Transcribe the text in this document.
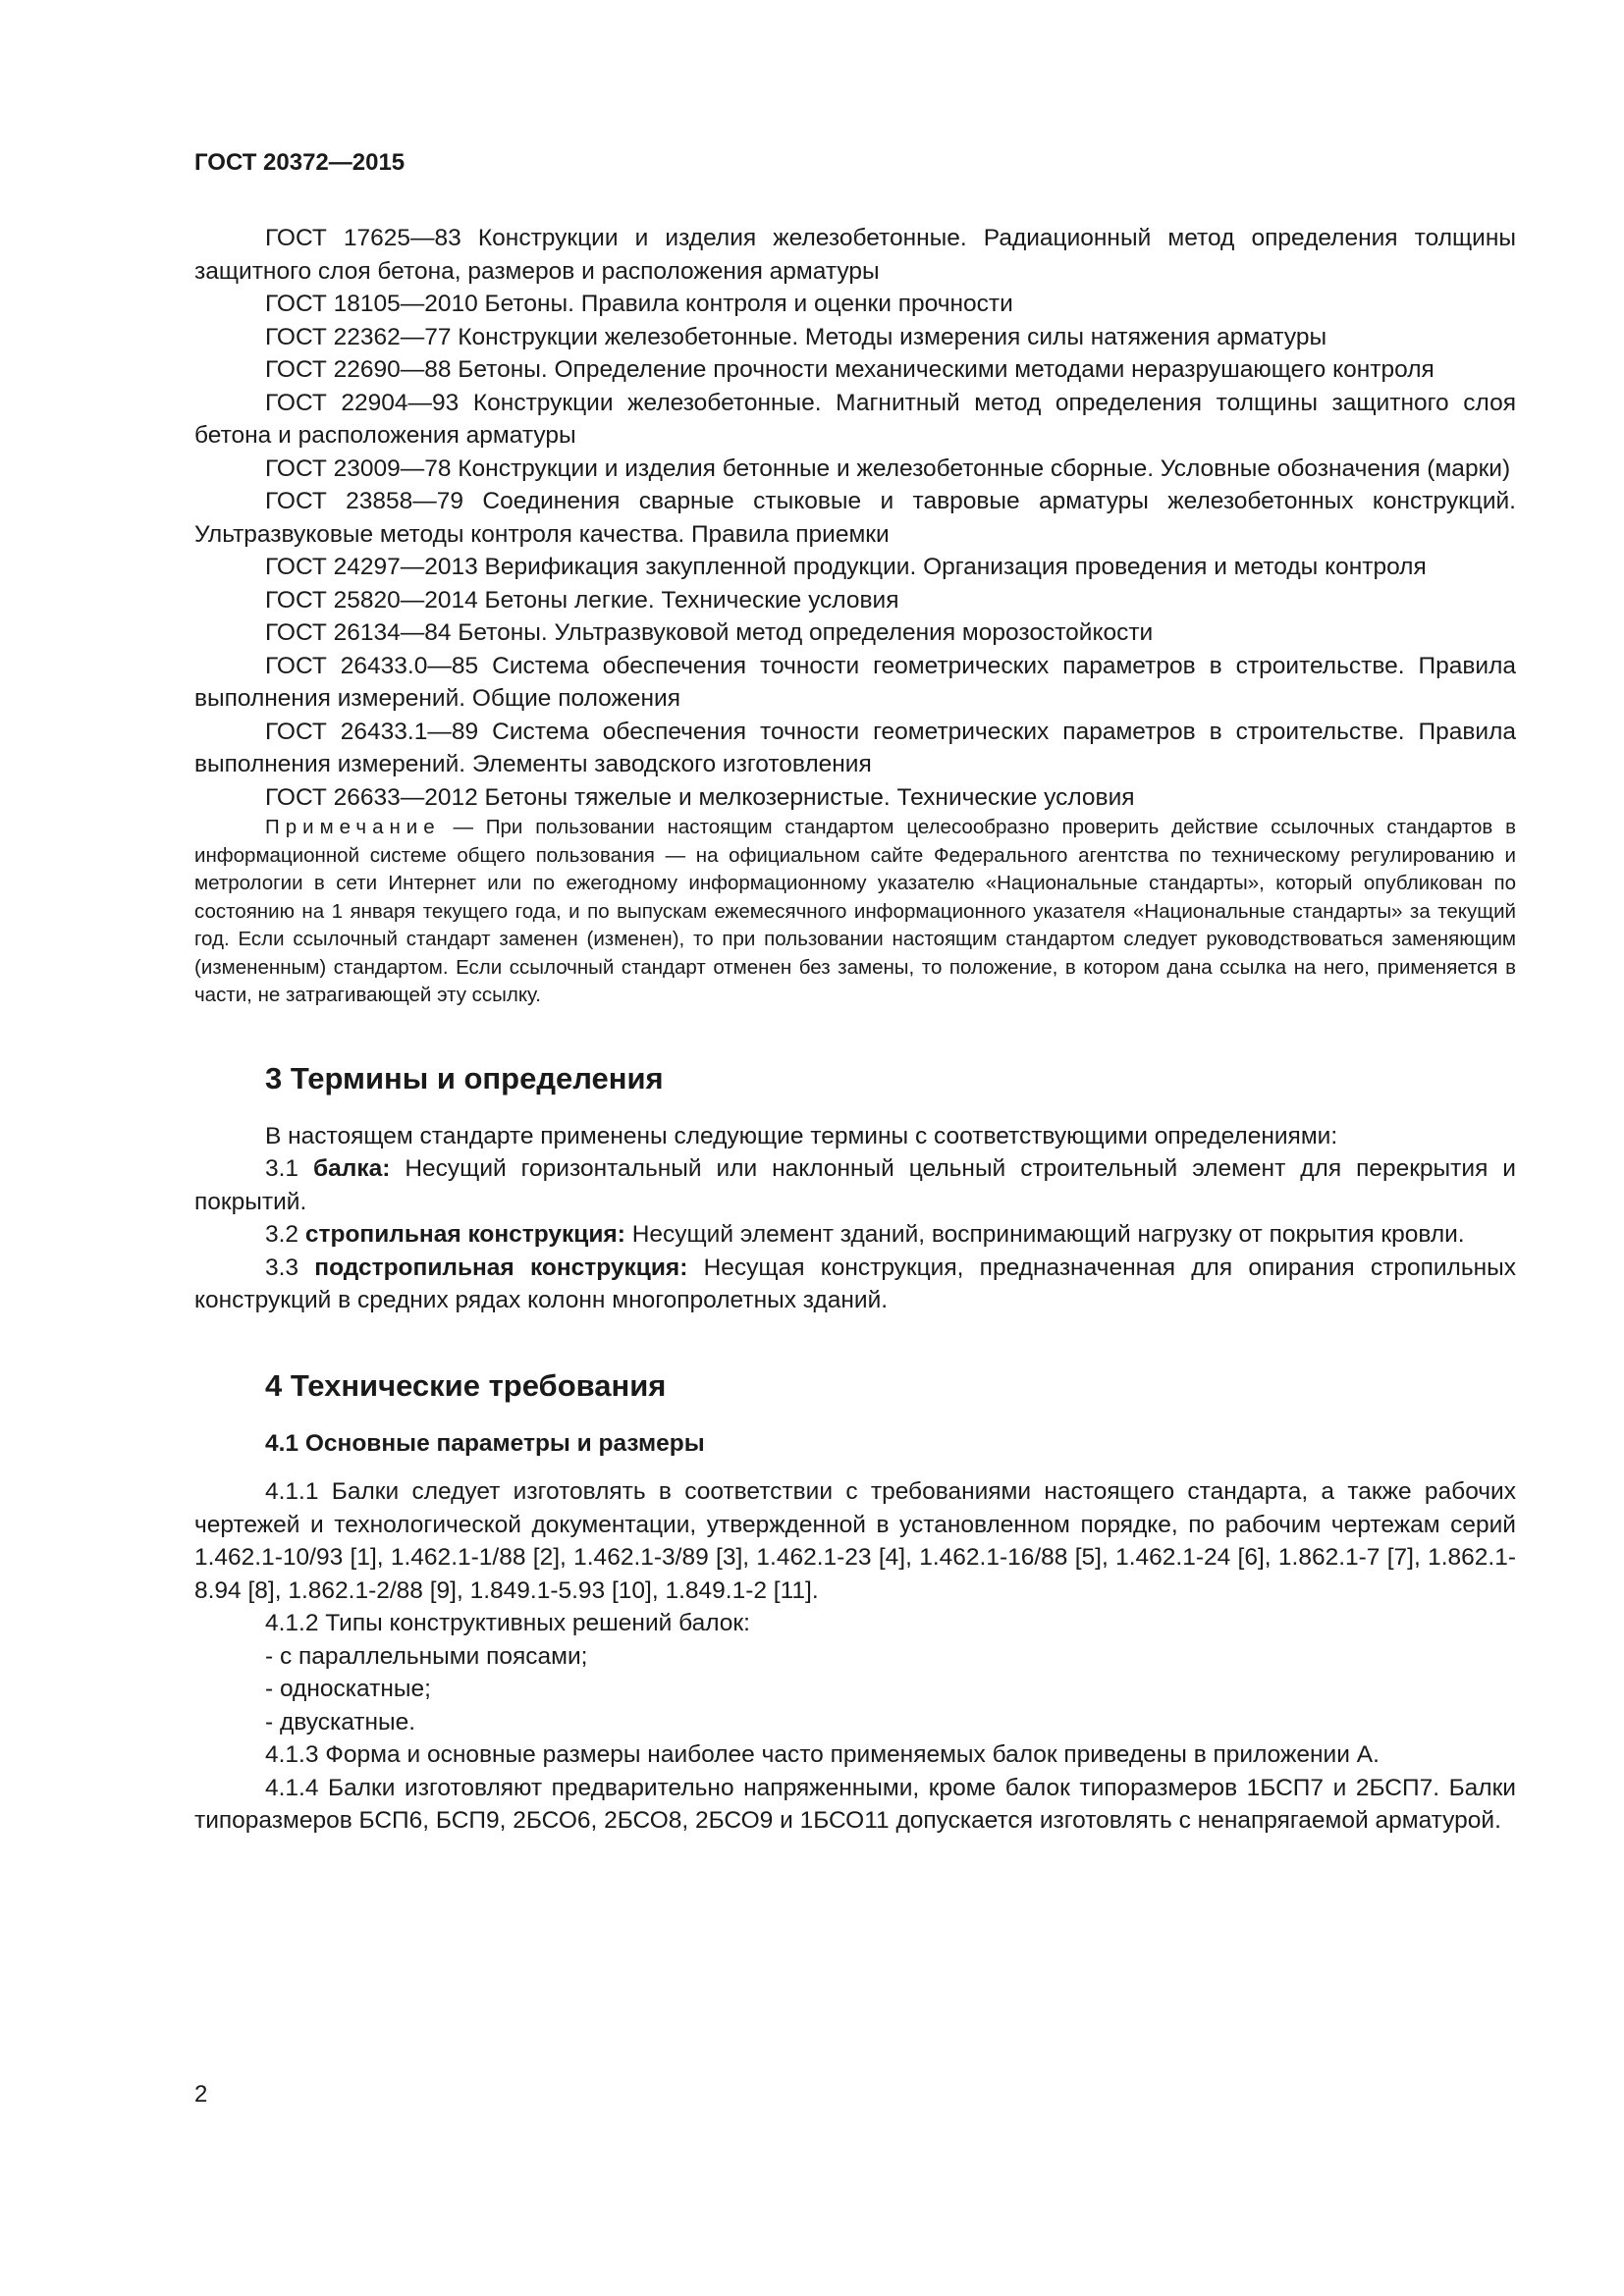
ГОСТ 20372—2015

ГОСТ 17625—83 Конструкции и изделия железобетонные. Радиационный метод определения толщины защитного слоя бетона, размеров и расположения арматуры

ГОСТ 18105—2010 Бетоны. Правила контроля и оценки прочности

ГОСТ 22362—77 Конструкции железобетонные. Методы измерения силы натяжения арматуры

ГОСТ 22690—88 Бетоны. Определение прочности механическими методами неразрушающего контроля

ГОСТ 22904—93 Конструкции железобетонные. Магнитный метод определения толщины защитного слоя бетона и расположения арматуры

ГОСТ 23009—78 Конструкции и изделия бетонные и железобетонные сборные. Условные обозначения (марки)

ГОСТ 23858—79 Соединения сварные стыковые и тавровые арматуры железобетонных конструкций. Ультразвуковые методы контроля качества. Правила приемки

ГОСТ 24297—2013 Верификация закупленной продукции. Организация проведения и методы контроля

ГОСТ 25820—2014 Бетоны легкие. Технические условия

ГОСТ 26134—84 Бетоны. Ультразвуковой метод определения морозостойкости

ГОСТ 26433.0—85 Система обеспечения точности геометрических параметров в строительстве. Правила выполнения измерений. Общие положения

ГОСТ 26433.1—89 Система обеспечения точности геометрических параметров в строительстве. Правила выполнения измерений. Элементы заводского изготовления

ГОСТ 26633—2012 Бетоны тяжелые и мелкозернистые. Технические условия

Примечание — При пользовании настоящим стандартом целесообразно проверить действие ссылочных стандартов в информационной системе общего пользования — на официальном сайте Федерального агентства по техническому регулированию и метрологии в сети Интернет или по ежегодному информационному указателю «Национальные стандарты», который опубликован по состоянию на 1 января текущего года, и по выпускам ежемесячного информационного указателя «Национальные стандарты» за текущий год. Если ссылочный стандарт заменен (изменен), то при пользовании настоящим стандартом следует руководствоваться заменяющим (измененным) стандартом. Если ссылочный стандарт отменен без замены, то положение, в котором дана ссылка на него, применяется в части, не затрагивающей эту ссылку.

3 Термины и определения

В настоящем стандарте применены следующие термины с соответствующими определениями:

3.1 балка: Несущий горизонтальный или наклонный цельный строительный элемент для перекрытия и покрытий.

3.2 стропильная конструкция: Несущий элемент зданий, воспринимающий нагрузку от покрытия кровли.

3.3 подстропильная конструкция: Несущая конструкция, предназначенная для опирания стропильных конструкций в средних рядах колонн многопролетных зданий.

4 Технические требования
4.1 Основные параметры и размеры

4.1.1 Балки следует изготовлять в соответствии с требованиями настоящего стандарта, а также рабочих чертежей и технологической документации, утвержденной в установленном порядке, по рабочим чертежам серий 1.462.1-10/93 [1], 1.462.1-1/88 [2], 1.462.1-3/89 [3], 1.462.1-23 [4], 1.462.1-16/88 [5], 1.462.1-24 [6], 1.862.1-7 [7], 1.862.1-8.94 [8], 1.862.1-2/88 [9], 1.849.1-5.93 [10], 1.849.1-2 [11].

4.1.2 Типы конструктивных решений балок:

- с параллельными поясами;

- односкатные;

- двускатные.

4.1.3 Форма и основные размеры наиболее часто применяемых балок приведены в приложении А.

4.1.4 Балки изготовляют предварительно напряженными, кроме балок типоразмеров 1БСП7 и 2БСП7. Балки типоразмеров БСП6, БСП9, 2БСО6, 2БСО8, 2БСО9 и 1БСО11 допускается изготовлять с ненапрягаемой арматурой.

2
